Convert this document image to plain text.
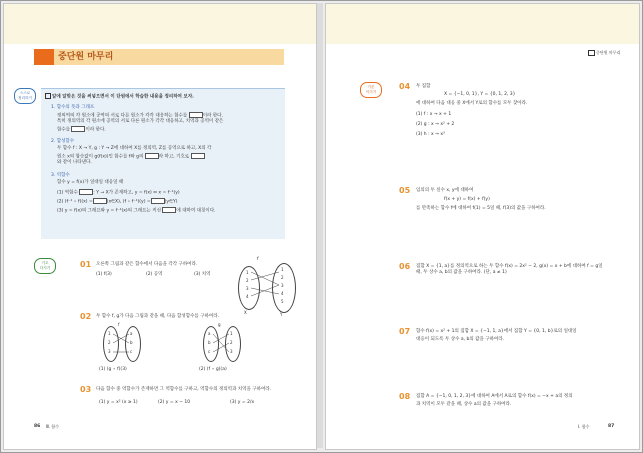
중단원 마무리
스스로
정리하기	앞에 알맞은 것을 써넣으면서 이 단원에서 학습한 내용을 정리하여 보자.
1. 함수의 뜻과 그래프
정의역의 각 원소에 공역의 서로 다른 원소가 각각 대응하는 함수를	이라 한다.
특히 정의역의 각 원소에 공역의 서로 다른 원소가 각각 대응하고, 치역과 공역이 같은
함수를	이라 한다.
2. 합성함수
두 함수 f : X → Y, g : Y → Z에 대하여 X를 정의역, Z를 공역으로 하고, X의 각
원소 x의 함숫값이 g(f(x))인 함수를 f와 g의	라 하고, 기호로
와 같이 나타낸다.
3. 역함수
함수 y = f(x)가 일대일 대응일 때
(1) 역함수	: Y → X가 존재하고, y = f(x) ⇔ x = f⁻¹(y)
(2) (f⁻¹ ∘ f)(x) =	(x∈X), (f ∘ f⁻¹)(y) =	(y∈Y)
(3) y = f(x)의 그래프와 y = f⁻¹(x)의 그래프는 직선	에 대하여 대칭이다.
기초
다지기	01 오른쪽 그림과 같은 함수에서 다음을 각각 구하여라.
(1) f(3)	(2) 공역	(3) 치역
f
1
2
3
4
1
2
3
4
5
X	Y
02 두 함수 f, g가 다음 그림과 같을 때, 다음 합성함수를 구하여라.
f
1
2
3
a
b
c
g
a
b
c
1
2
3
(1) (g ∘ f)(3)	(2) (f ∘ g)(a)
03 다음 함수 중 역함수가 존재하면 그 역함수를 구하고, 역함수의 정의역과 치역을 구하여라.
(1) y = x² (x ≥ 1)	(2) y = x − 10	(3) y = 2/x
86 Ⅲ. 함수
중단원 마무리
기본
익히기
04 두 집합
X = {−1, 0, 1}, Y = {0, 1, 2, 3}
에 대하여 다음 대응 중 X에서 Y로의 함수를 모두 찾아라.
(1) f : x → x + 1
(2) g : x → x² + 2
(3) h : x → x³
05 임의의 두 실수 x, y에 대하여
f(x + y) = f(x) + f(y)
를 만족하는 함수 f에 대하여 f(1) = 5일 때, f(3)의 값을 구하여라.
06 집합 X = {1, a}를 정의역으로 하는 두 함수 f(x) = 2x² − 2, g(x) = x + b에 대하여 f = g일 때, 두 상수 a, b의 값을 구하여라. (단, a ≠ 1)
07 함수 f(x) = x² + 1의 집합 X = {−1, 1, a}에서 집합 Y = {0, 1, b}로의 일대일
대응이 되도록 두 상수 a, b의 값을 구하여라.
08 집합 A = {−1, 0, 1, 2, 3}에 대하여 A에서 A로의 함수 f(x) = −x + a의 정의
과 치역이 모두 같을 때, 상수 a의 값을 구하여라.
Ⅰ. 함수	87
